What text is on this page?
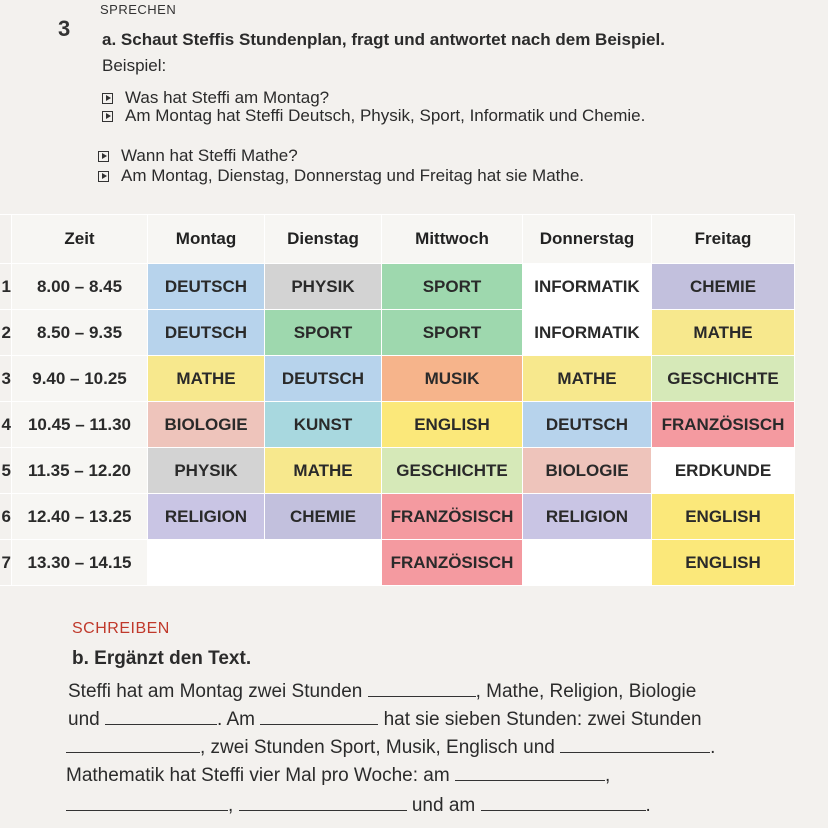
SPRECHEN
3 a. Schaut Steffis Stundenplan, fragt und antwortet nach dem Beispiel.
Beispiel:
Was hat Steffi am Montag?
Am Montag hat Steffi Deutsch, Physik, Sport, Informatik und Chemie.
Wann hat Steffi Mathe?
Am Montag, Dienstag, Donnerstag und Freitag hat sie Mathe.
	Zeit	Montag	Dienstag	Mittwoch	Donnerstag	Freitag
1	8.00 – 8.45	DEUTSCH	PHYSIK	SPORT	INFORMATIK	CHEMIE
2	8.50 – 9.35	DEUTSCH	SPORT	SPORT	INFORMATIK	MATHE
3	9.40 – 10.25	MATHE	DEUTSCH	MUSIK	MATHE	GESCHICHTE
4	10.45 – 11.30	BIOLOGIE	KUNST	ENGLISH	DEUTSCH	FRANZÖSISCH
5	11.35 – 12.20	PHYSIK	MATHE	GESCHICHTE	BIOLOGIE	ERDKUNDE
6	12.40 – 13.25	RELIGION	CHEMIE	FRANZÖSISCH	RELIGION	ENGLISH
7	13.30 – 14.15			FRANZÖSISCH		ENGLISH
SCHREIBEN
b. Ergänzt den Text.
Steffi hat am Montag zwei Stunden	, Mathe, Religion, Biologie
und	. Am	hat sie sieben Stunden: zwei Stunden
, zwei Stunden Sport, Musik, Englisch und	.
Mathematik hat Steffi vier Mal pro Woche: am	,
,	und am	.
